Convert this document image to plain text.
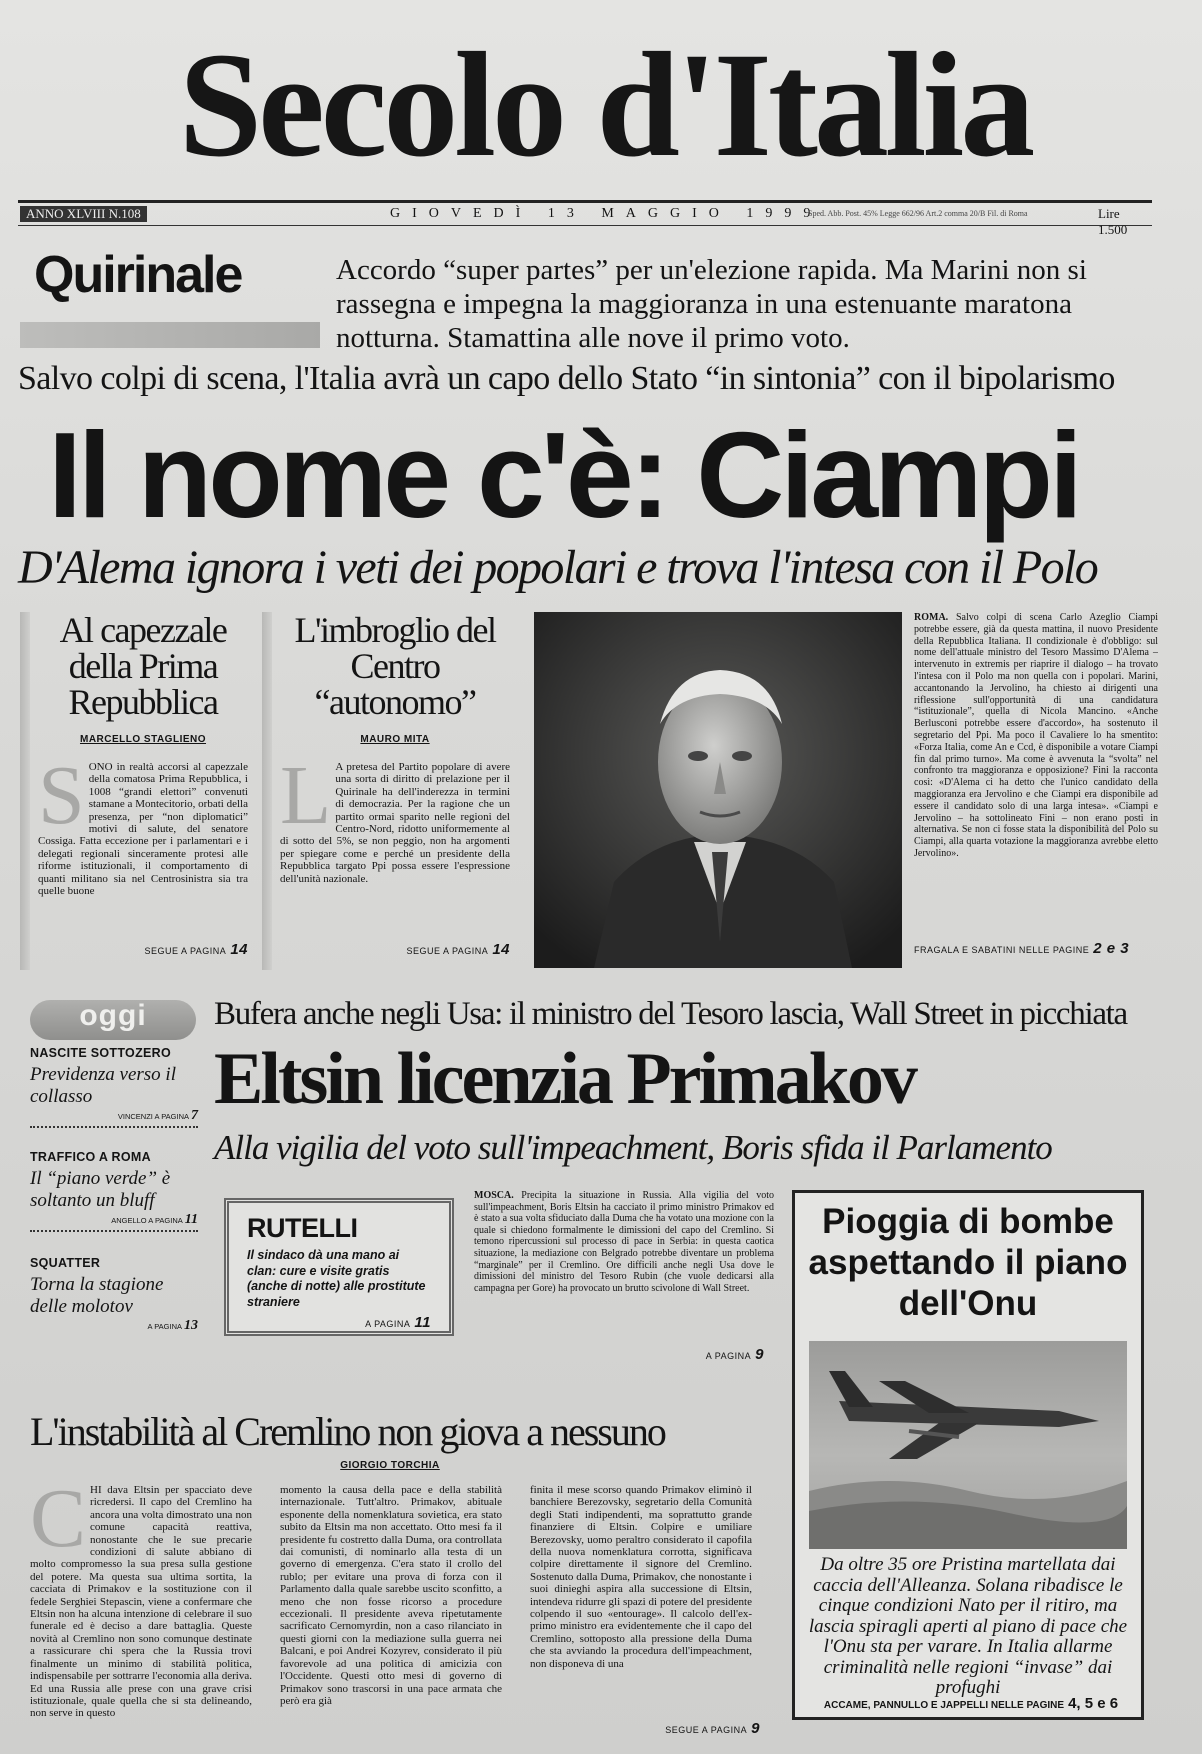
Secolo d'Italia
ANNO XLVIII N.108	GIOVEDÌ 13 MAGGIO 1999
Sped. Abb. Post. 45% Legge 662/96 Art.2 comma 20/B Fil. di Roma	Lire 1.500
Quirinale	Accordo “super partes” per un'elezione rapida. Ma Marini non si rassegna e impegna la maggioranza in una estenuante maratona notturna. Stamattina alle nove il primo voto.
Salvo colpi di scena, l'Italia avrà un capo dello Stato “in sintonia” con il bipolarismo
Il nome c'è: Ciampi
D'Alema ignora i veti dei popolari e trova l'intesa con il Polo
Al capezzale della Prima Repubblica
MARCELLO STAGLIENO
SONO in realtà accorsi al capezzale della comatosa Prima Repubblica, i 1008 “grandi elettori” convenuti stamane a Montecitorio, orbati della presenza, per “non diplomatici” motivi di salute, del senatore Cossiga. Fatta eccezione per i parlamentari e i delegati regionali sinceramente protesi alle riforme istituzionali, il comportamento di quanti militano sia nel Centrosinistra sia tra quelle buone
SEGUE A PAGINA 14
L'imbroglio del Centro “autonomo”
MAURO MITA
L A pretesa del Partito popolare di avere una sorta di diritto di prelazione per il Quirinale ha dell'inderezza in termini di democrazia. Per la ragione che un partito ormai sparito nelle regioni del Centro-Nord, ridotto uniformemente al di sotto del 5%, se non peggio, non ha argomenti per spiegare come e perché un presidente della Repubblica targato Ppi possa essere l'espressione dell'unità nazionale.
SEGUE A PAGINA 14
ROMA. Salvo colpi di scena Carlo Azeglio Ciampi potrebbe essere, già da questa mattina, il nuovo Presidente della Repubblica Italiana. Il condizionale è d'obbligo: sul nome dell'attuale ministro del Tesoro Massimo D'Alema – intervenuto in extremis per riaprire il dialogo – ha trovato l'intesa con il Polo ma non quella con i popolari. Marini, accantonando la Jervolino, ha chiesto ai dirigenti una riflessione sull'opportunità di una candidatura “istituzionale”, quella di Nicola Mancino. «Anche Berlusconi potrebbe essere d'accordo», ha sostenuto il segretario del Ppi. Ma poco il Cavaliere lo ha smentito: «Forza Italia, come An e Ccd, è disponibile a votare Ciampi fin dal primo turno». Ma come è avvenuta la “svolta” nel confronto tra maggioranza e opposizione? Fini la racconta così: «D'Alema ci ha detto che l'unico candidato della maggioranza era Jervolino e che Ciampi era disponibile ad essere il candidato solo di una larga intesa». «Ciampi e Jervolino – ha sottolineato Fini – non erano posti in alternativa. Se non ci fosse stata la disponibilità del Polo su Ciampi, alla quarta votazione la maggioranza avrebbe eletto Jervolino».
FRAGALA E SABATINI NELLE PAGINE 2 e 3
oggi
NASCITE SOTTOZERO
Previdenza verso il collasso
VINCENZI A PAGINA 7
TRAFFICO A ROMA
Il “piano verde” è soltanto un bluff
ANGELLO A PAGINA 11
SQUATTER
Torna la stagione delle molotov
A PAGINA 13
Bufera anche negli Usa: il ministro del Tesoro lascia, Wall Street in picchiata
Eltsin licenzia Primakov
Alla vigilia del voto sull'impeachment, Boris sfida il Parlamento
RUTELLI
Il sindaco dà una mano ai clan: cure e visite gratis (anche di notte) alle prostitute straniere
A PAGINA 11
MOSCA. Precipita la situazione in Russia. Alla vigilia del voto sull'impeachment, Boris Eltsin ha cacciato il primo ministro Primakov ed è stato a sua volta sfiduciato dalla Duma che ha votato una mozione con la quale si chiedono formalmente le dimissioni del capo del Cremlino. Si temono ripercussioni sul processo di pace in Serbia: in questa caotica situazione, la mediazione con Belgrado potrebbe diventare un problema “marginale” per il Cremlino. Ore difficili anche negli Usa dove le dimissioni del ministro del Tesoro Rubin (che vuole dedicarsi alla campagna per Gore) ha provocato un brutto scivolone di Wall Street.
A PAGINA 9
Pioggia di bombe aspettando il piano dell'Onu
Da oltre 35 ore Pristina martellata dai caccia dell'Alleanza. Solana ribadisce le cinque condizioni Nato per il ritiro, ma lascia spiragli aperti al piano di pace che l'Onu sta per varare. In Italia allarme criminalità nelle regioni “invase” dai profughi
ACCAME, PANNULLO E JAPPELLI NELLE PAGINE 4, 5 e 6
L'instabilità al Cremlino non giova a nessuno
GIORGIO TORCHIA
CHI dava Eltsin per spacciato deve ricredersi. Il capo del Cremlino ha ancora una volta dimostrato una non comune capacità reattiva, nonostante che le sue precarie condizioni di salute abbiano di molto compromesso la sua presa sulla gestione del potere. Ma questa sua ultima sortita, la cacciata di Primakov e la sostituzione con il fedele Serghiei Stepascin, viene a confermare che Eltsin non ha alcuna intenzione di celebrare il suo funerale ed è deciso a dare battaglia. Queste novità al Cremlino non sono comunque destinate a rassicurare chi spera che la Russia trovi finalmente un minimo di stabilità politica, indispensabile per sottrarre l'economia alla deriva. Ed una Russia alle prese con una grave crisi istituzionale, quale quella che si sta delineando, non serve in questo
momento la causa della pace e della stabilità internazionale. Tutt'altro. Primakov, abituale esponente della nomenklatura sovietica, era stato subito da Eltsin ma non accettato. Otto mesi fa il presidente fu costretto dalla Duma, ora controllata dai comunisti, di nominarlo alla testa di un governo di emergenza. C'era stato il crollo del rublo; per evitare una prova di forza con il Parlamento dalla quale sarebbe uscito sconfitto, a meno che non fosse ricorso a procedure eccezionali. Il presidente aveva ripetutamente sacrificato Cernomyrdin, non a caso rilanciato in questi giorni con la mediazione sulla guerra nei Balcani, e poi Andrei Kozyrev, considerato il più favorevole ad una politica di amicizia con l'Occidente. Questi otto mesi di governo di Primakov sono trascorsi in una pace armata che però era già
finita il mese scorso quando Primakov eliminò il banchiere Berezovsky, segretario della Comunità degli Stati indipendenti, ma soprattutto grande finanziere di Eltsin. Colpire e umiliare Berezovsky, uomo peraltro considerato il capofila della nuova nomenklatura corrotta, significava colpire direttamente il signore del Cremlino. Sostenuto dalla Duma, Primakov, che nonostante i suoi dinieghi aspira alla successione di Eltsin, intendeva ridurre gli spazi di potere del presidente colpendo il suo «entourage». Il calcolo dell'ex-primo ministro era evidentemente che il capo del Cremlino, sottoposto alla pressione della Duma che sta avviando la procedura dell'impeachment, non disponeva di una
SEGUE A PAGINA 9
